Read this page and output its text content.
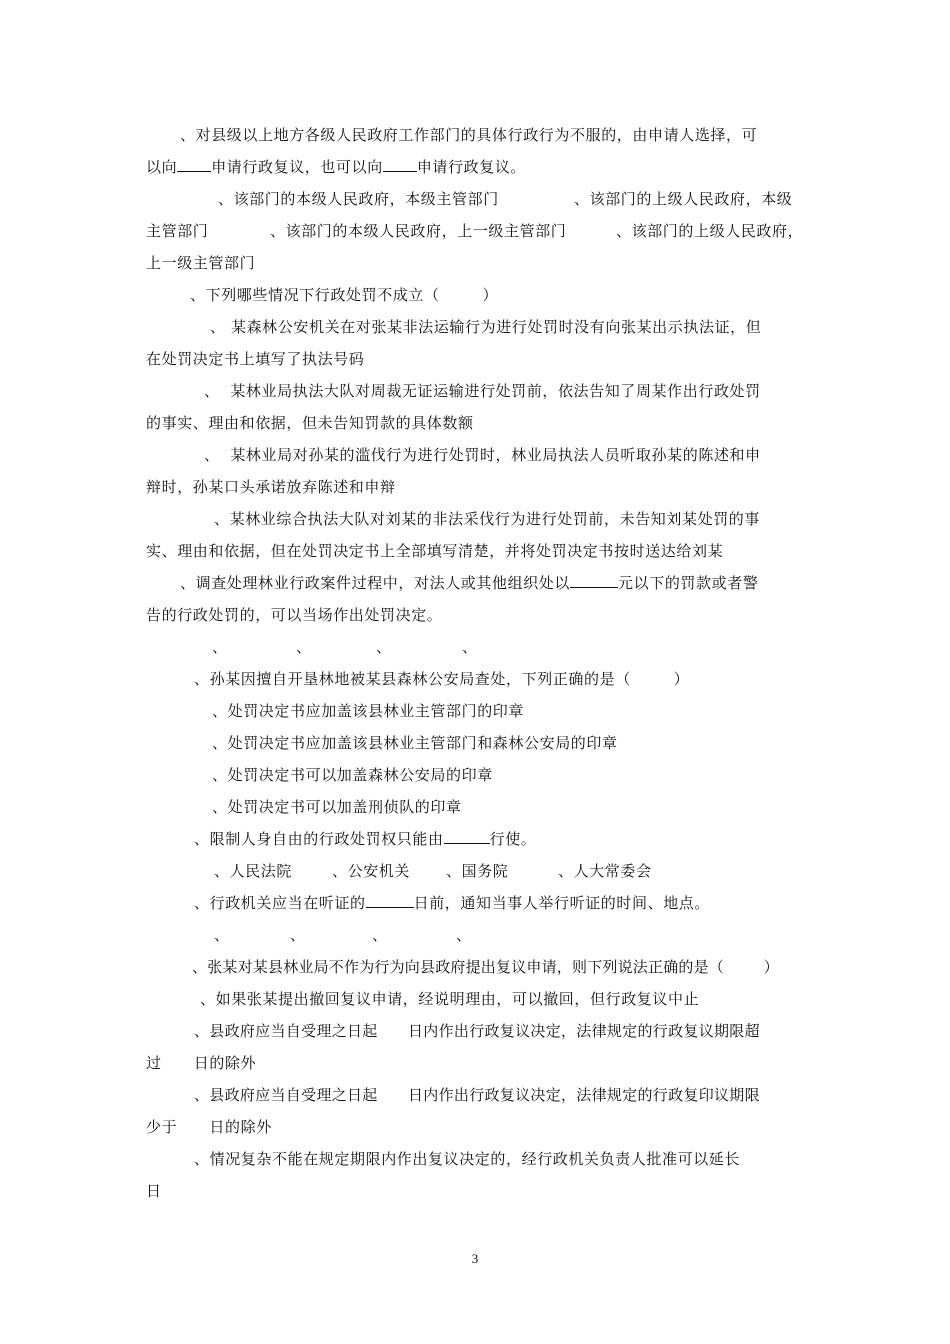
、对县级以上地方各级人民政府工作部门的具体行政行为不服的，由申请人选择，可
以向 申请行政复议，也可以向 申请行政复议。
、该部门的本级人民政府，本级主管部门	、该部门的上级人民政府，本级
主管部门	、该部门的本级人民政府，上一级主管部门	、该部门的上级人民政府，
上一级主管部门
、下列哪些情况下行政处罚不成立（        ）
、 某森林公安机关在对张某非法运输行为进行处罚时没有向张某出示执法证，但
在处罚决定书上填写了执法号码
、  某林业局执法大队对周裁无证运输进行处罚前，依法告知了周某作出行政处罚
的事实、理由和依据，但未告知罚款的具体数额
、  某林业局对孙某的滥伐行为进行处罚时，林业局执法人员听取孙某的陈述和申
辩时，孙某口头承诺放弃陈述和申辩
、某林业综合执法大队对刘某的非法采伐行为进行处罚前，未告知刘某处罚的事
实、理由和依据，但在处罚决定书上全部填写清楚，并将处罚决定书按时送达给刘某
、调查处理林业行政案件过程中，对法人或其他组织处以	元以下的罚款或者警
告的行政处罚的，可以当场作出处罚决定。
、	、	、	、
、孙某因擅自开垦林地被某县森林公安局查处，下列正确的是（        ）
、处罚决定书应加盖该县林业主管部门的印章
、处罚决定书应加盖该县林业主管部门和森林公安局的印章
、处罚决定书可以加盖森林公安局的印章
、处罚决定书可以加盖刑侦队的印章
、限制人身自由的行政处罚权只能由	行使。
、人民法院	、公安机关 、国务院	、人大常委会
、行政机关应当在听证的	日前，通知当事人举行听证的时间、地点。
、	、	、	、
、张某对某县林业局不作为行为向县政府提出复议申请，则下列说法正确的是（        ）
、如果张某提出撤回复议申请，经说明理由，可以撤回，但行政复议中止
、县政府应当自受理之日起      日内作出行政复议决定，法律规定的行政复议期限超
过      日的除外
、县政府应当自受理之日起      日内作出行政复议决定，法律规定的行政复印议期限
少于      日的除外
、情况复杂不能在规定期限内作出复议决定的，经行政机关负责人批准可以延长
日
3
